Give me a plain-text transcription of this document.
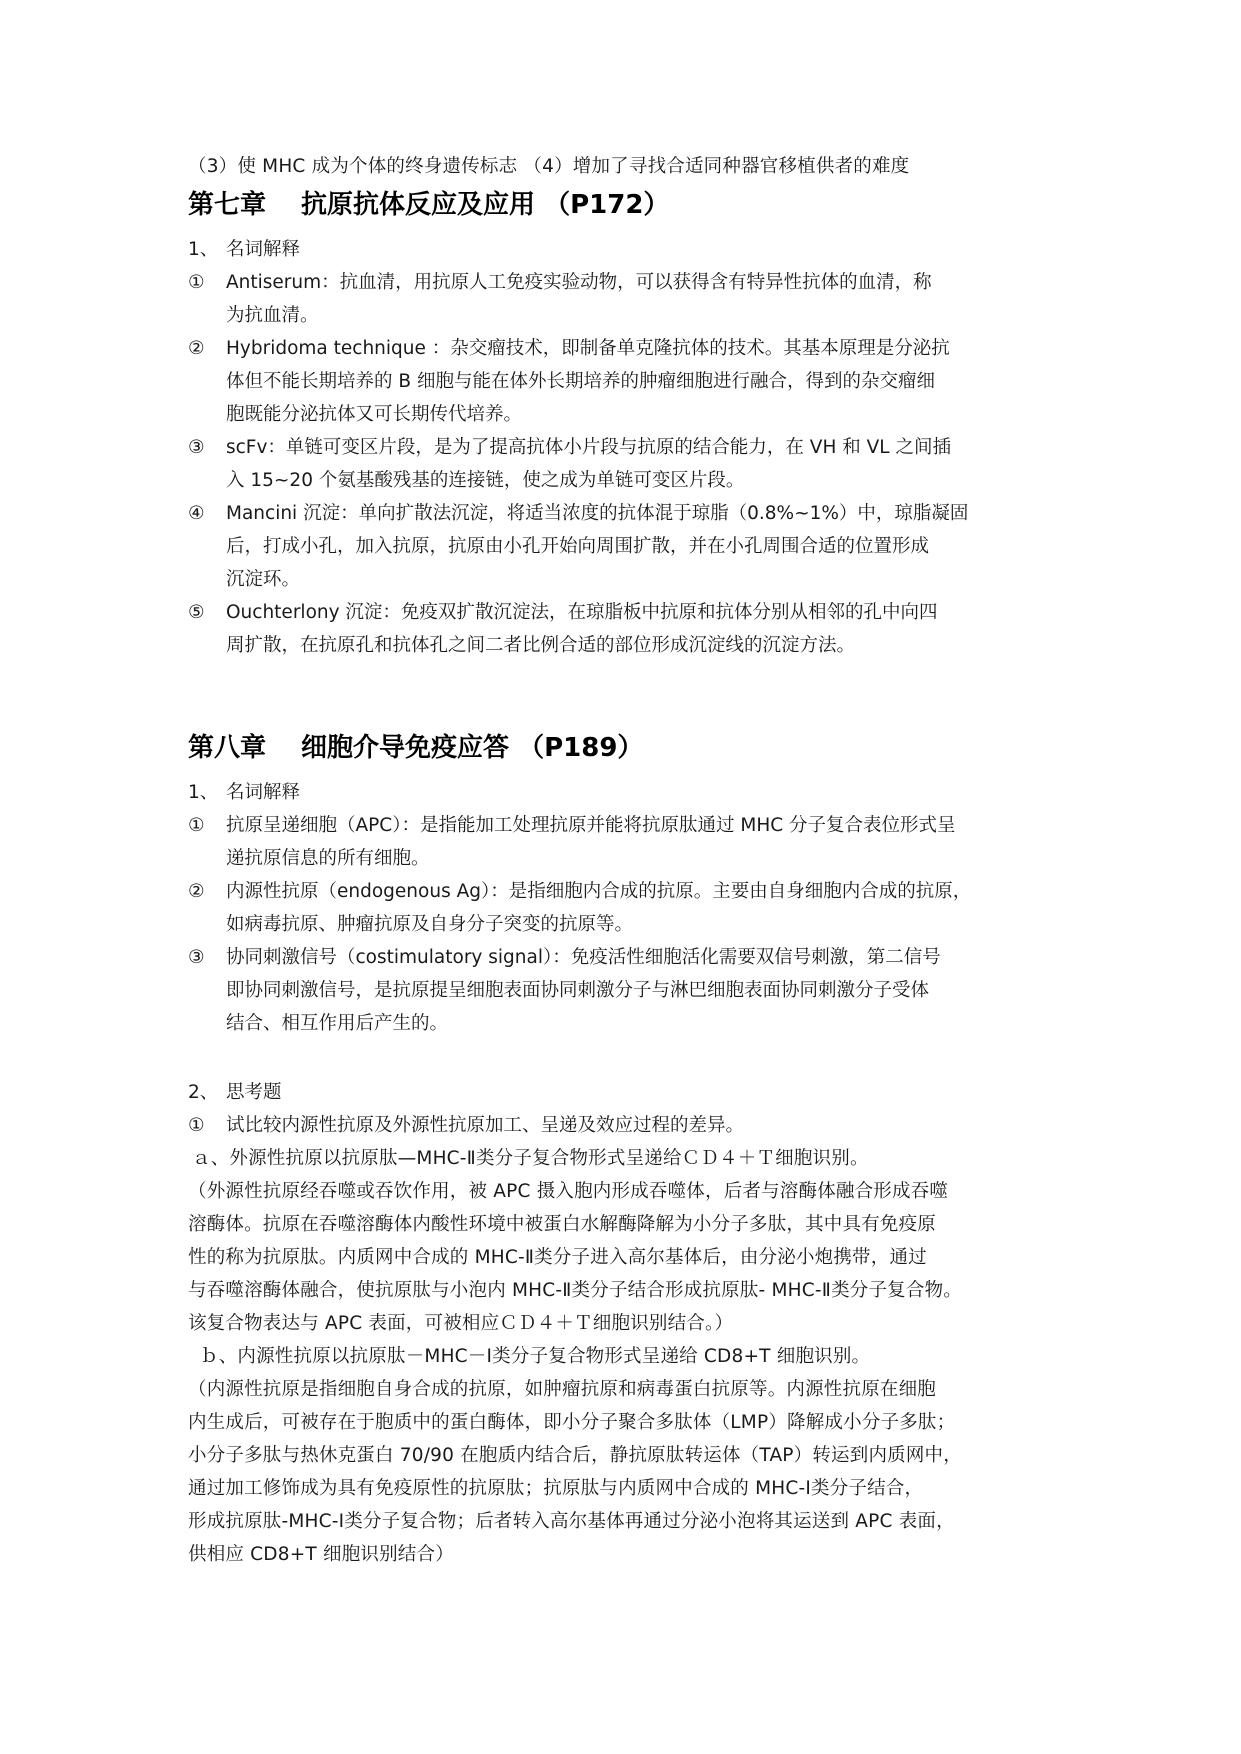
（3）使 MHC 成为个体的终身遗传标志 （4）增加了寻找合适同种器官移植供者的难度
第七章　 抗原抗体反应及应用 （P172）
1、 名词解释
①	Antiserum：抗血清，用抗原人工免疫实验动物，可以获得含有特异性抗体的血清，称
为抗血清。
②	Hybridoma technique ：杂交瘤技术，即制备单克隆抗体的技术。其基本原理是分泌抗
体但不能长期培养的 B 细胞与能在体外长期培养的肿瘤细胞进行融合，得到的杂交瘤细
胞既能分泌抗体又可长期传代培养。
③	scFv：单链可变区片段，是为了提高抗体小片段与抗原的结合能力，在 VH 和 VL 之间插
入 15~20 个氨基酸残基的连接链，使之成为单链可变区片段。
④	Mancini 沉淀：单向扩散法沉淀，将适当浓度的抗体混于琼脂（0.8%~1%）中，琼脂凝固
后，打成小孔，加入抗原，抗原由小孔开始向周围扩散，并在小孔周围合适的位置形成
沉淀环。
⑤	Ouchterlony 沉淀：免疫双扩散沉淀法，在琼脂板中抗原和抗体分别从相邻的孔中向四
周扩散，在抗原孔和抗体孔之间二者比例合适的部位形成沉淀线的沉淀方法。
第八章　 细胞介导免疫应答 （P189）
1、 名词解释
①	抗原呈递细胞（APC）：是指能加工处理抗原并能将抗原肽通过 MHC 分子复合表位形式呈
递抗原信息的所有细胞。
②	内源性抗原（endogenous Ag）：是指细胞内合成的抗原。主要由自身细胞内合成的抗原，
如病毒抗原、肿瘤抗原及自身分子突变的抗原等。
③	协同刺激信号（costimulatory signal）：免疫活性细胞活化需要双信号刺激，第二信号
即协同刺激信号，是抗原提呈细胞表面协同刺激分子与淋巴细胞表面协同刺激分子受体
结合、相互作用后产生的。
2、 思考题
①	试比较内源性抗原及外源性抗原加工、呈递及效应过程的差异。
ａ、外源性抗原以抗原肽—MHC-Ⅱ类分子复合物形式呈递给ＣＤ４＋Ｔ细胞识别。
（外源性抗原经吞噬或吞饮作用，被 APC 摄入胞内形成吞噬体，后者与溶酶体融合形成吞噬
溶酶体。抗原在吞噬溶酶体内酸性环境中被蛋白水解酶降解为小分子多肽，其中具有免疫原
性的称为抗原肽。内质网中合成的 MHC-Ⅱ类分子进入高尔基体后，由分泌小炮携带，通过
与吞噬溶酶体融合，使抗原肽与小泡内 MHC-Ⅱ类分子结合形成抗原肽- MHC-Ⅱ类分子复合物。
该复合物表达与 APC 表面，可被相应ＣＤ４＋Ｔ细胞识别结合。）
ｂ、内源性抗原以抗原肽－MHC－Ⅰ类分子复合物形式呈递给 CD8+T 细胞识别。
（内源性抗原是指细胞自身合成的抗原，如肿瘤抗原和病毒蛋白抗原等。内源性抗原在细胞
内生成后，可被存在于胞质中的蛋白酶体，即小分子聚合多肽体（LMP）降解成小分子多肽；
小分子多肽与热休克蛋白 70/90 在胞质内结合后，静抗原肽转运体（TAP）转运到内质网中，
通过加工修饰成为具有免疫原性的抗原肽；抗原肽与内质网中合成的 MHC-Ⅰ类分子结合，
形成抗原肽-MHC-Ⅰ类分子复合物；后者转入高尔基体再通过分泌小泡将其运送到 APC 表面，
供相应 CD8+T 细胞识别结合）
